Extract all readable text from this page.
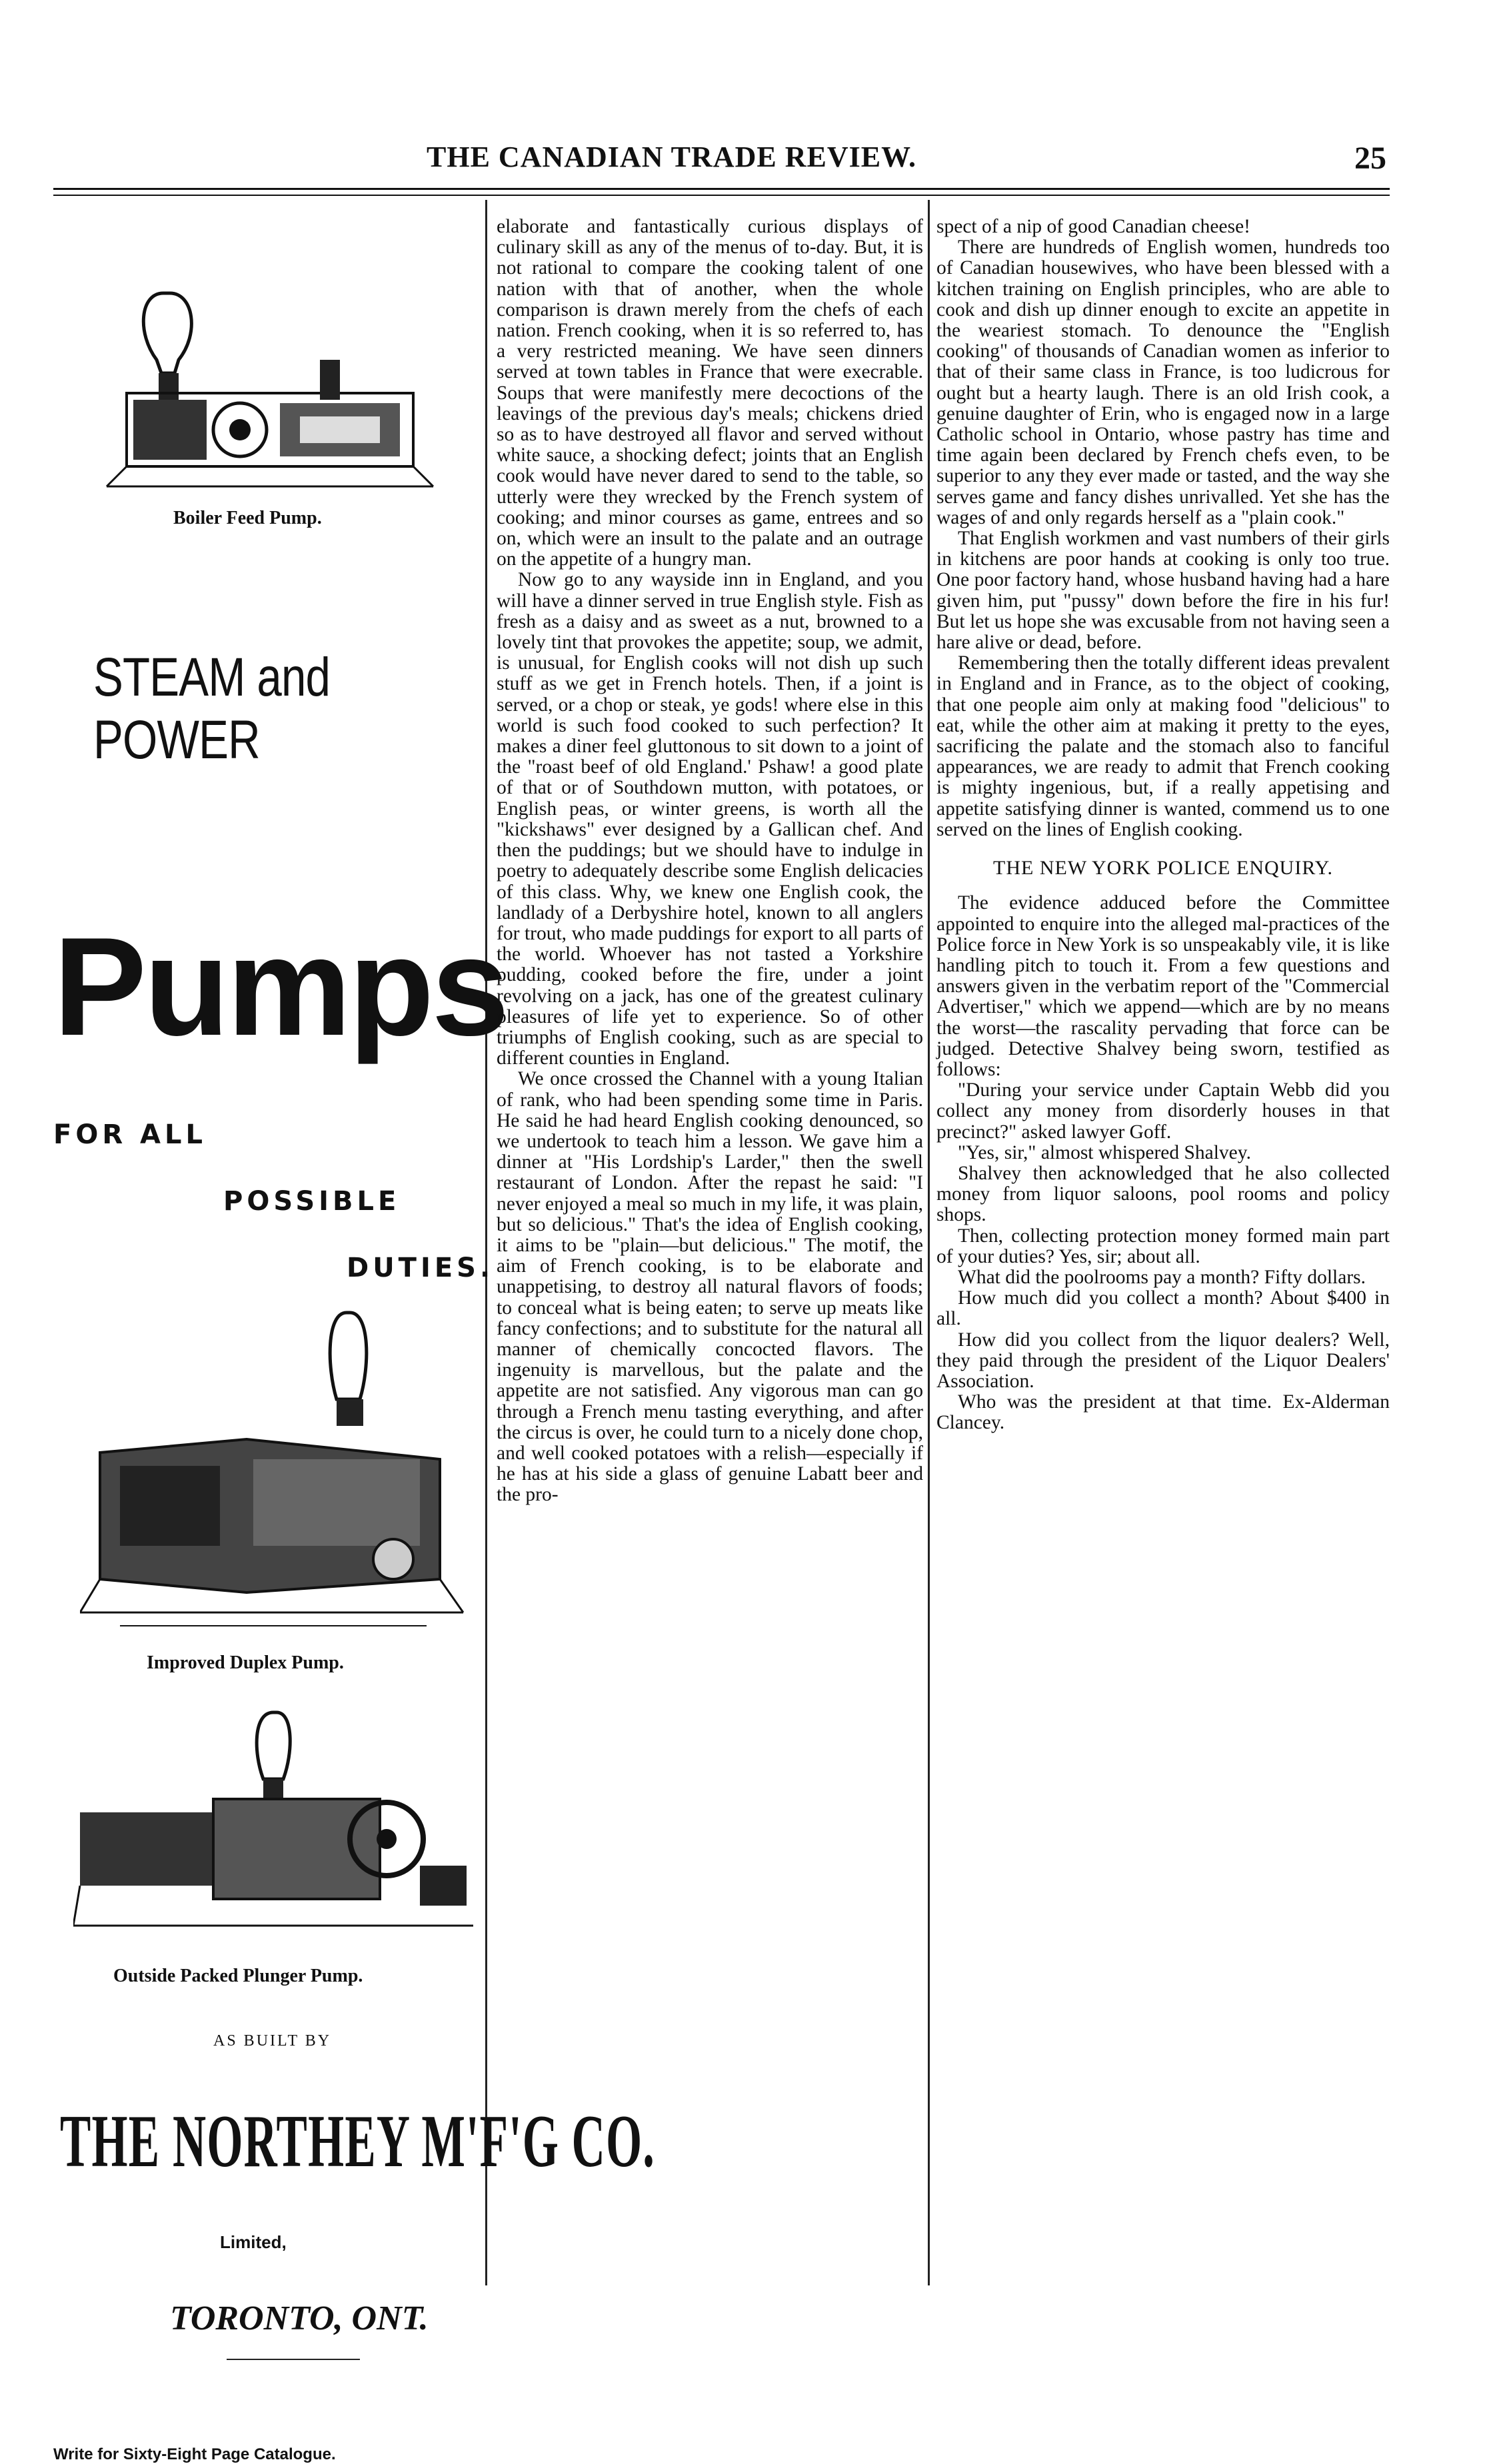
THE CANADIAN TRADE REVIEW.	25
Boiler Feed Pump.
STEAM and POWER
Pumps
FOR ALL
POSSIBLE
DUTIES.
Improved Duplex Pump.
Outside Packed Plunger Pump.
AS BUILT BY
THE NORTHEY M'F'G CO.
Limited,
TORONTO, ONT.
Write for Sixty-Eight Page Catalogue.

elaborate and fantastically curious displays of culinary skill as any of the menus of to-day. But, it is not rational to compare the cooking talent of one nation with that of another, when the whole comparison is drawn merely from the chefs of each nation. French cooking, when it is so referred to, has a very restricted meaning. We have seen dinners served at town tables in France that were execrable. Soups that were manifestly mere decoctions of the leavings of the previous day's meals; chickens dried so as to have destroyed all flavor and served without white sauce, a shocking defect; joints that an English cook would have never dared to send to the table, so utterly were they wrecked by the French system of cooking; and minor courses as game, entrees and so on, which were an insult to the palate and an outrage on the appetite of a hungry man.

Now go to any wayside inn in England, and you will have a dinner served in true English style. Fish as fresh as a daisy and as sweet as a nut, browned to a lovely tint that provokes the appetite; soup, we admit, is unusual, for English cooks will not dish up such stuff as we get in French hotels. Then, if a joint is served, or a chop or steak, ye gods! where else in this world is such food cooked to such perfection? It makes a diner feel gluttonous to sit down to a joint of the "roast beef of old England.' Pshaw! a good plate of that or of Southdown mutton, with potatoes, or English peas, or winter greens, is worth all the "kickshaws" ever designed by a Gallican chef. And then the puddings; but we should have to indulge in poetry to adequately describe some English delicacies of this class. Why, we knew one English cook, the landlady of a Derbyshire hotel, known to all anglers for trout, who made puddings for export to all parts of the world. Whoever has not tasted a Yorkshire pudding, cooked before the fire, under a joint revolving on a jack, has one of the greatest culinary pleasures of life yet to experience. So of other triumphs of English cooking, such as are special to different counties in England.

We once crossed the Channel with a young Italian of rank, who had been spending some time in Paris. He said he had heard English cooking denounced, so we undertook to teach him a lesson. We gave him a dinner at "His Lordship's Larder," then the swell restaurant of London. After the repast he said: "I never enjoyed a meal so much in my life, it was plain, but so delicious." That's the idea of English cooking, it aims to be "plain—but delicious." The motif, the aim of French cooking, is to be elaborate and unappetising, to destroy all natural flavors of foods; to conceal what is being eaten; to serve up meats like fancy confections; and to substitute for the natural all manner of chemically concocted flavors. The ingenuity is marvellous, but the palate and the appetite are not satisfied. Any vigorous man can go through a French menu tasting everything, and after the circus is over, he could turn to a nicely done chop, and well cooked potatoes with a relish—especially if he has at his side a glass of genuine Labatt beer and the pro-

spect of a nip of good Canadian cheese!

There are hundreds of English women, hundreds too of Canadian housewives, who have been blessed with a kitchen training on English principles, who are able to cook and dish up dinner enough to excite an appetite in the weariest stomach. To denounce the "English cooking" of thousands of Canadian women as inferior to that of their same class in France, is too ludicrous for ought but a hearty laugh. There is an old Irish cook, a genuine daughter of Erin, who is engaged now in a large Catholic school in Ontario, whose pastry has time and time again been declared by French chefs even, to be superior to any they ever made or tasted, and the way she serves game and fancy dishes unrivalled. Yet she has the wages of and only regards herself as a "plain cook."

That English workmen and vast numbers of their girls in kitchens are poor hands at cooking is only too true. One poor factory hand, whose husband having had a hare given him, put "pussy" down before the fire in his fur! But let us hope she was excusable from not having seen a hare alive or dead, before.

Remembering then the totally different ideas prevalent in England and in France, as to the object of cooking, that one people aim only at making food "delicious" to eat, while the other aim at making it pretty to the eyes, sacrificing the palate and the stomach also to fanciful appearances, we are ready to admit that French cooking is mighty ingenious, but, if a really appetising and appetite satisfying dinner is wanted, commend us to one served on the lines of English cooking.

THE NEW YORK POLICE ENQUIRY.

The evidence adduced before the Committee appointed to enquire into the alleged mal-practices of the Police force in New York is so unspeakably vile, it is like handling pitch to touch it. From a few questions and answers given in the verbatim report of the "Commercial Advertiser," which we append—which are by no means the worst—the rascality pervading that force can be judged. Detective Shalvey being sworn, testified as follows:

"During your service under Captain Webb did you collect any money from disorderly houses in that precinct?" asked lawyer Goff.

"Yes, sir," almost whispered Shalvey.

Shalvey then acknowledged that he also collected money from liquor saloons, pool rooms and policy shops.

Then, collecting protection money formed main part of your duties? Yes, sir; about all.

What did the poolrooms pay a month? Fifty dollars.

How much did you collect a month? About $400 in all.

How did you collect from the liquor dealers? Well, they paid through the president of the Liquor Dealers' Association.

Who was the president at that time. Ex-Alderman Clancey.
